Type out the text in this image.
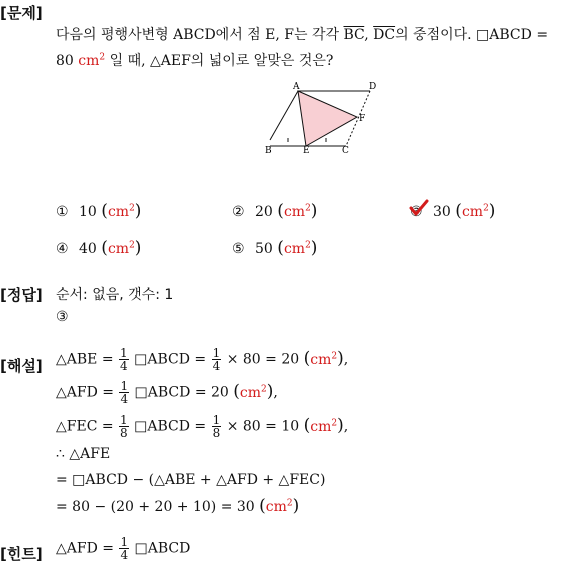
[문제]
다음의 평행사변형 ABCD에서 점 E, F는 각각 $\overline{BC}$, $\overline{DC}$의 중점이다. □ABCD =
80 $cm^2$ 일 때, △AEF의 넓이로 알맞은 것은?
A	D
F
B	E	C
① 10 $(cm^2)$	② 20 $(cm^2)$	③ 30 $(cm^2)$
④ 40 $(cm^2)$	⑤ 50 $(cm^2)$
[정답] 순서: 없음, 갯수: 1
③
[해설] △ABE = $\frac{1}{4}$ □ABCD = $\frac{1}{4} \times 80 = 20$ $(cm^2)$,
△AFD = $\frac{1}{4}$ □ABCD = 20 $(cm^2)$,
△FEC = $\frac{1}{8}$ □ABCD = $\frac{1}{8} \times 80 = 10$ $(cm^2)$,
∴ △AFE
= □ABCD − (△ABE + △AFD + △FEC)
= 80 − (20 + 20 + 10) = 30 $(cm^2)$
[힌트] △AFD = $\frac{1}{4}$ □ABCD
